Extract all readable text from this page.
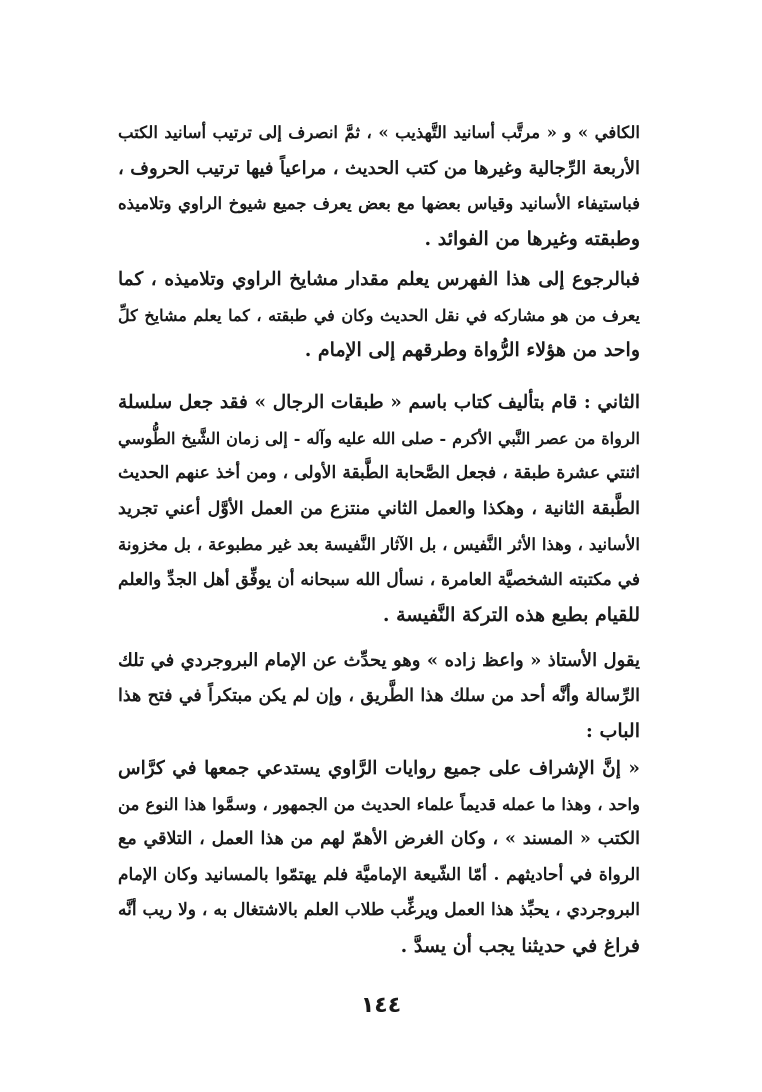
الكافي » و « مرتَّب أسانيد التَّهذيب » ، ثمَّ انصرف إلى ترتيب أسانيد الكتب
الأربعة الرِّجالية وغيرها من كتب الحديث ، مراعياً فيها ترتيب الحروف ،
فباستيفاء الأسانيد وقياس بعضها مع بعض يعرف جميع شيوخ الراوي وتلاميذه
وطبقته وغيرها من الفوائد .
فبالرجوع إلى هذا الفهرس يعلم مقدار مشايخ الراوي وتلاميذه ، كما
يعرف من هو مشاركه في نقل الحديث وكان في طبقته ، كما يعلم مشايخ كلِّ
واحد من هؤلاء الرُّواة وطرقهم إلى الإمام .
الثاني : قام بتأليف كتاب باسم « طبقات الرجال » فقد جعل سلسلة
الرواة من عصر النَّبي الأكرم - صلى الله عليه وآله - إلى زمان الشَّيخ الطُّوسي
اثنتي عشرة طبقة ، فجعل الصَّحابة الطَّبقة الأولى ، ومن أخذ عنهم الحديث
الطَّبقة الثانية ، وهكذا والعمل الثاني منتزع من العمل الأوَّل أعني تجريد
الأسانيد ، وهذا الأثر النَّفيس ، بل الآثار النَّفيسة بعد غير مطبوعة ، بل مخزونة
في مكتبته الشخصيَّة العامرة ، نسأل الله سبحانه أن يوفِّق أهل الجدِّ والعلم
للقيام بطبع هذه التركة النَّفيسة .
يقول الأستاذ « واعظ زاده » وهو يحدِّث عن الإمام البروجردي في تلك
الرِّسالة وأنَّه أحد من سلك هذا الطَّريق ، وإن لم يكن مبتكراً في فتح هذا
الباب :
« إنَّ الإشراف على جميع روايات الرَّاوي يستدعي جمعها في كرَّاس
واحد ، وهذا ما عمله قديماً علماء الحديث من الجمهور ، وسمَّوا هذا النوع من
الكتب « المسند » ، وكان الغرض الأهمّ لهم من هذا العمل ، التلاقي مع
الرواة في أحاديثهم . أمّا الشّيعة الإماميَّة فلم يهتمّوا بالمسانيد وكان الإمام
البروجردي ، يحبِّذ هذا العمل ويرغِّب طلاب العلم بالاشتغال به ، ولا ريب أنَّه
فراغ في حديثنا يجب أن يسدَّ .
١٤٤
